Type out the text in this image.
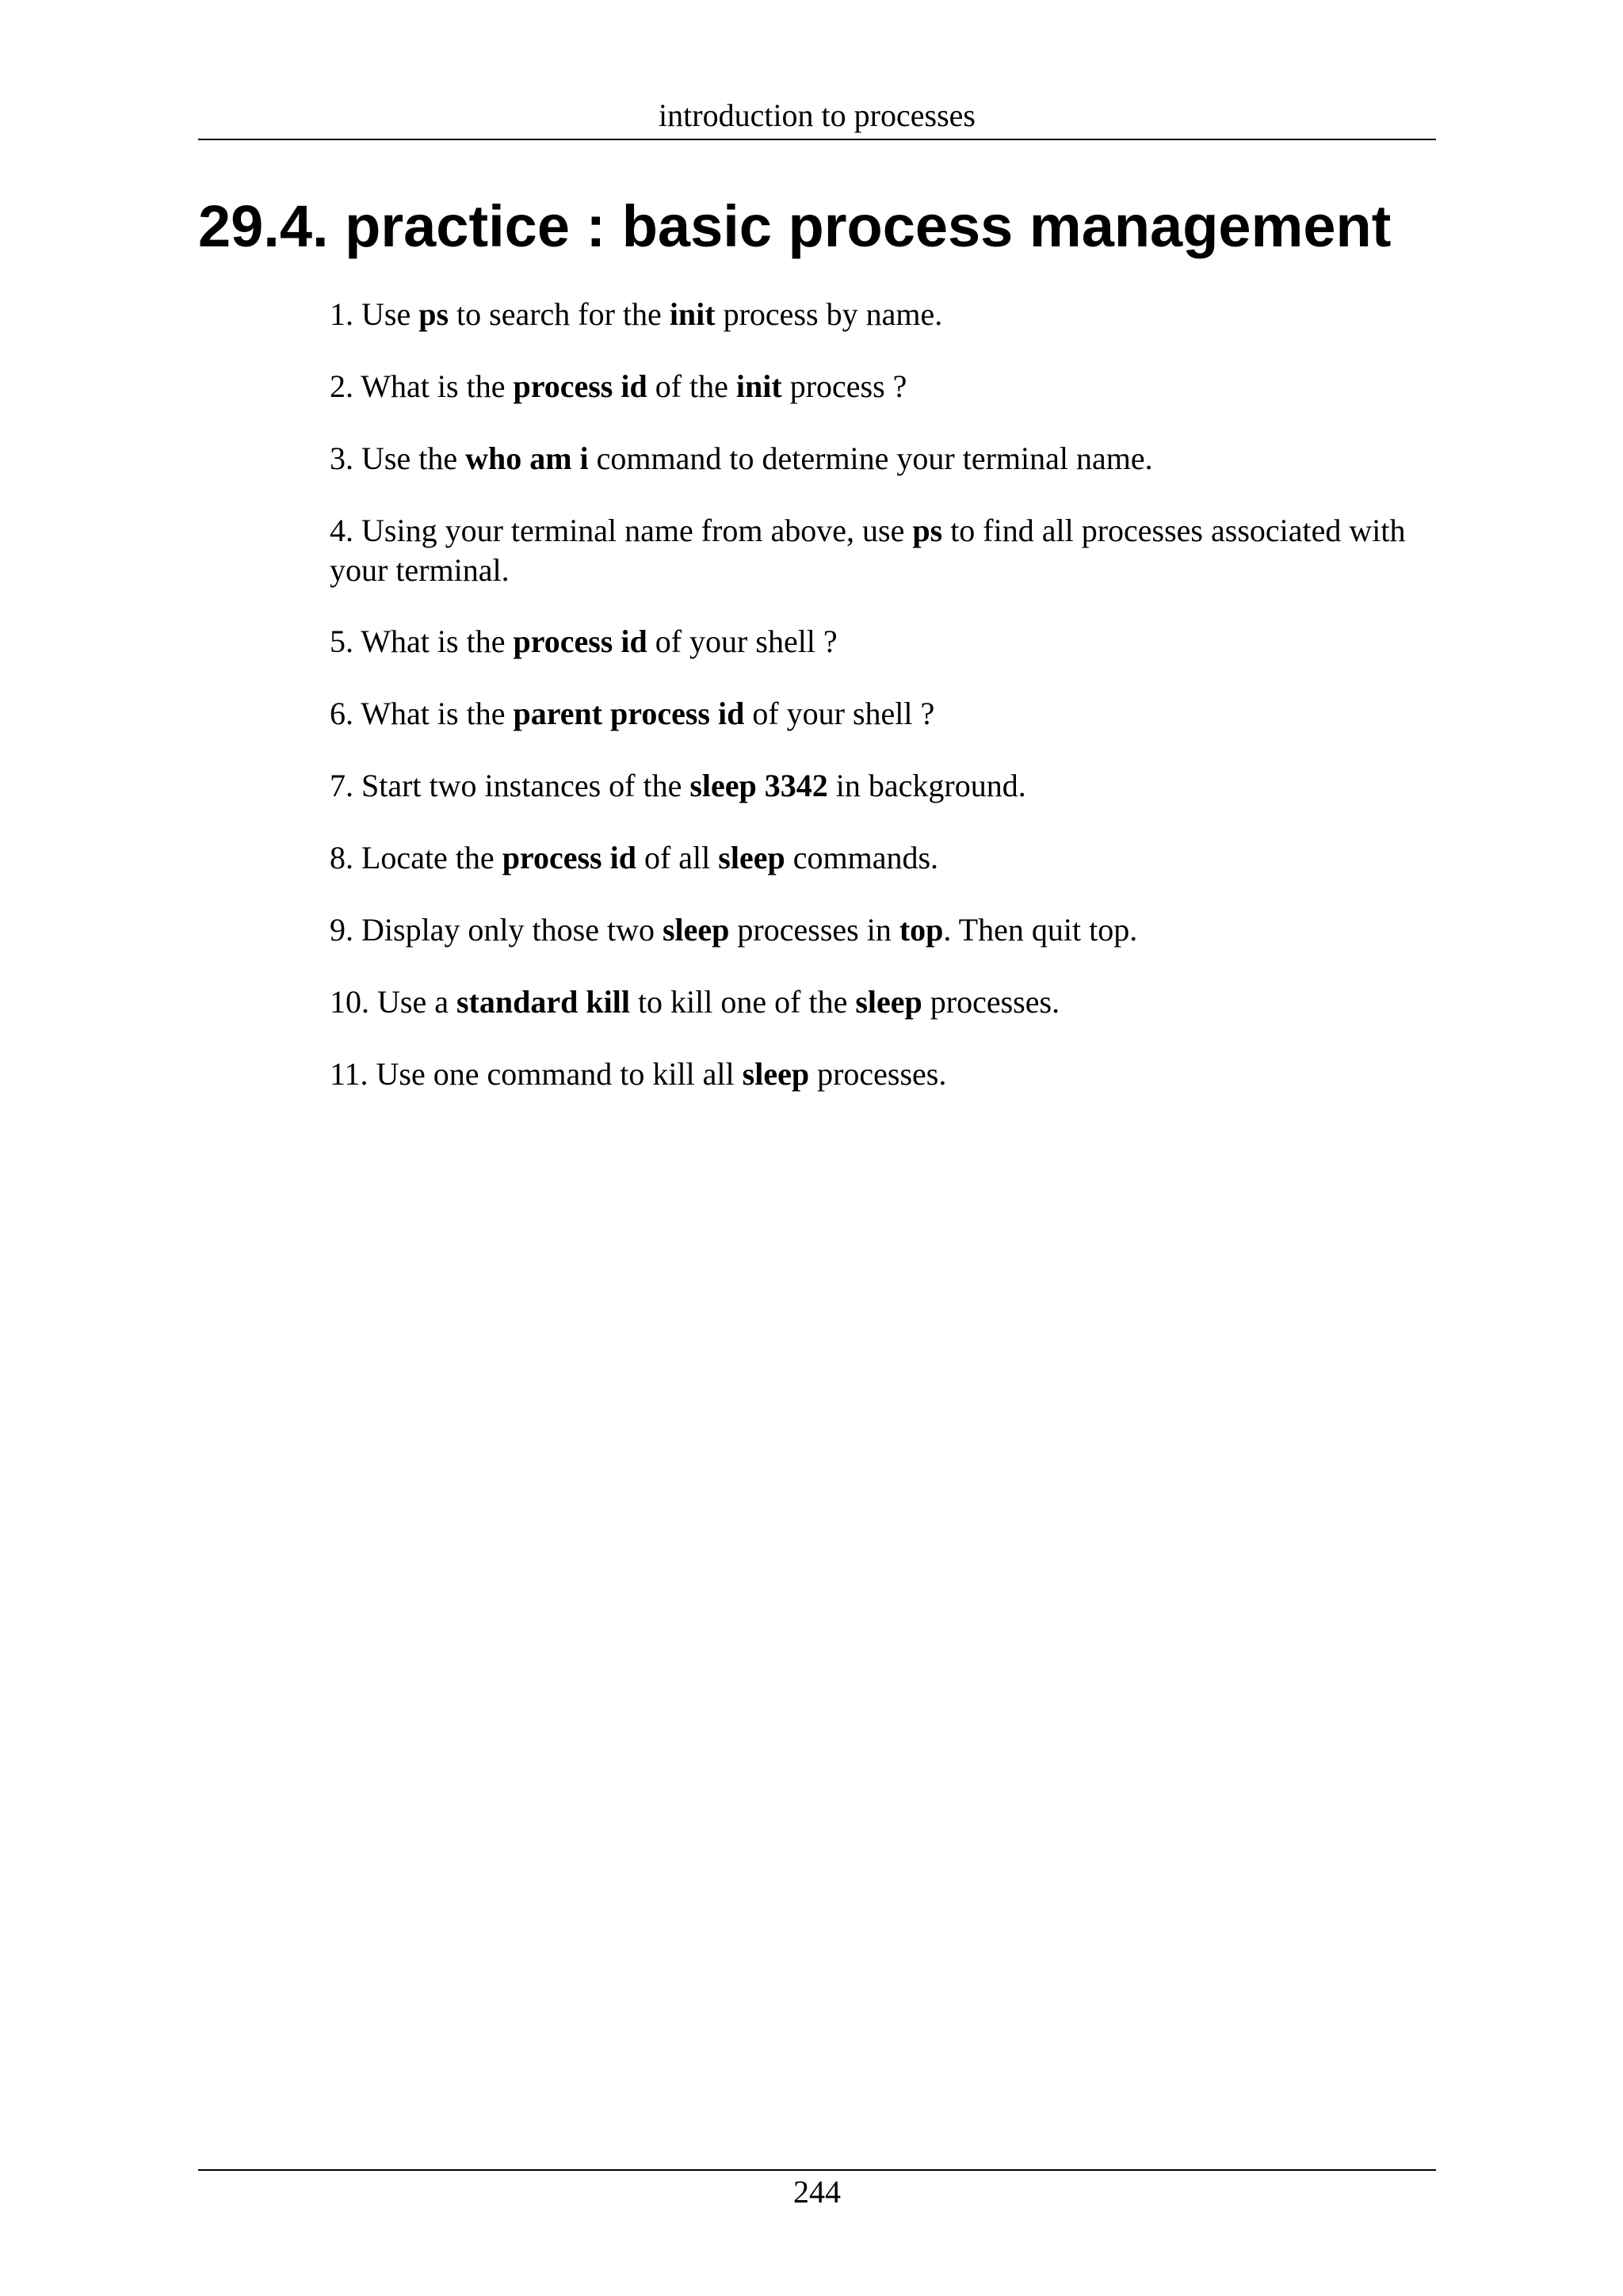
introduction to processes
29.4. practice : basic process management
1. Use ps to search for the init process by name.
2. What is the process id of the init process ?
3. Use the who am i command to determine your terminal name.
4. Using your terminal name from above, use ps to find all processes associated with your terminal.
5. What is the process id of your shell ?
6. What is the parent process id of your shell ?
7. Start two instances of the sleep 3342 in background.
8. Locate the process id of all sleep commands.
9. Display only those two sleep processes in top. Then quit top.
10. Use a standard kill to kill one of the sleep processes.
11. Use one command to kill all sleep processes.
244
